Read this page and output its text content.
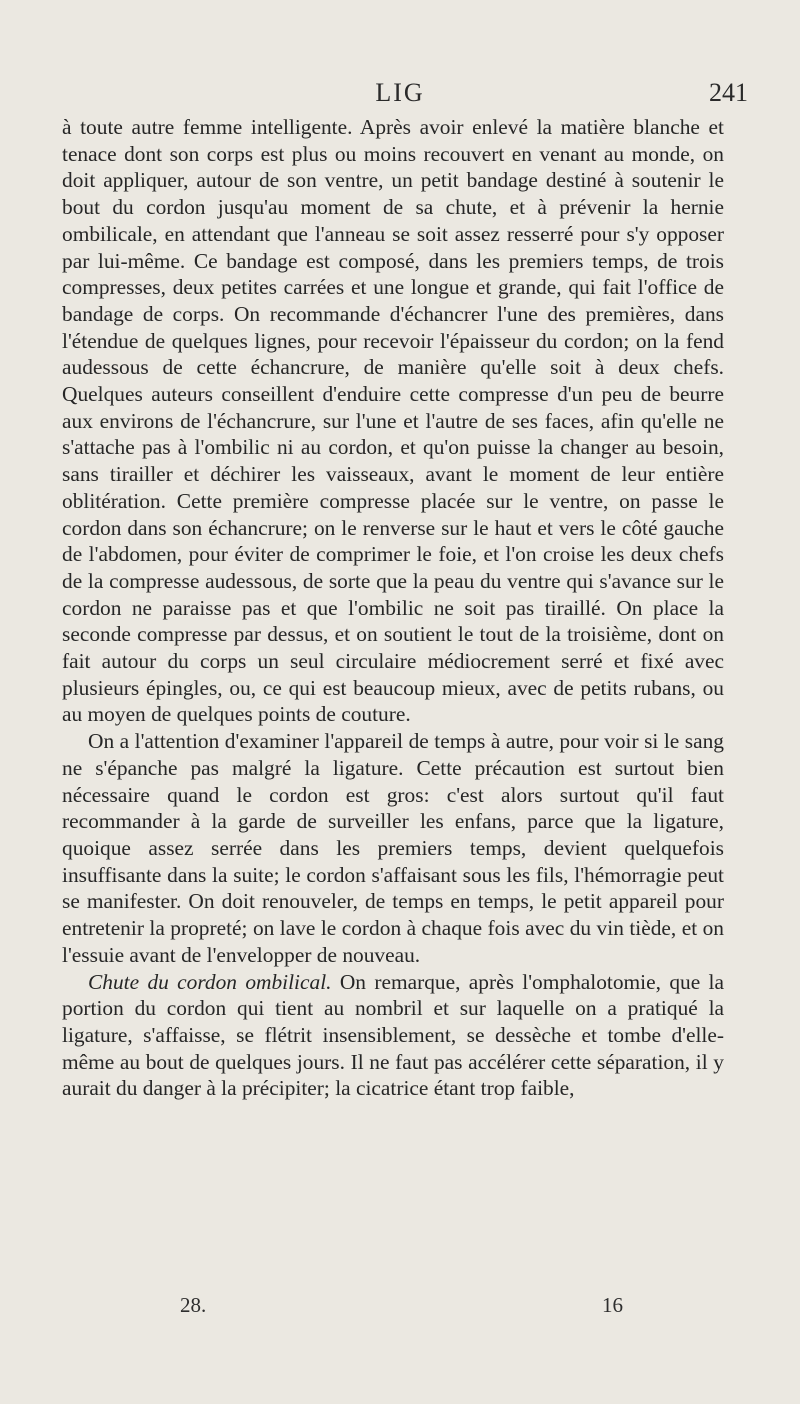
LIG	241

à toute autre femme intelligente. Après avoir enlevé la matière blanche et tenace dont son corps est plus ou moins recouvert en venant au monde, on doit appliquer, autour de son ventre, un petit bandage destiné à soutenir le bout du cordon jusqu'au moment de sa chute, et à prévenir la hernie ombilicale, en attendant que l'anneau se soit assez resserré pour s'y opposer par lui-même. Ce bandage est composé, dans les premiers temps, de trois compresses, deux petites carrées et une longue et grande, qui fait l'office de bandage de corps. On recommande d'échancrer l'une des premières, dans l'étendue de quelques lignes, pour recevoir l'épaisseur du cordon; on la fend audessous de cette échancrure, de manière qu'elle soit à deux chefs. Quelques auteurs conseillent d'enduire cette compresse d'un peu de beurre aux environs de l'échancrure, sur l'une et l'autre de ses faces, afin qu'elle ne s'attache pas à l'ombilic ni au cordon, et qu'on puisse la changer au besoin, sans tirailler et déchirer les vaisseaux, avant le moment de leur entière oblitération. Cette première compresse placée sur le ventre, on passe le cordon dans son échancrure; on le renverse sur le haut et vers le côté gauche de l'abdomen, pour éviter de comprimer le foie, et l'on croise les deux chefs de la compresse audessous, de sorte que la peau du ventre qui s'avance sur le cordon ne paraisse pas et que l'ombilic ne soit pas tiraillé. On place la seconde compresse par dessus, et on soutient le tout de la troisième, dont on fait autour du corps un seul circulaire médiocrement serré et fixé avec plusieurs épingles, ou, ce qui est beaucoup mieux, avec de petits rubans, ou au moyen de quelques points de couture.

On a l'attention d'examiner l'appareil de temps à autre, pour voir si le sang ne s'épanche pas malgré la ligature. Cette précaution est surtout bien nécessaire quand le cordon est gros: c'est alors surtout qu'il faut recommander à la garde de surveiller les enfans, parce que la ligature, quoique assez serrée dans les premiers temps, devient quelquefois insuffisante dans la suite; le cordon s'affaisant sous les fils, l'hémorragie peut se manifester. On doit renouveler, de temps en temps, le petit appareil pour entretenir la propreté; on lave le cordon à chaque fois avec du vin tiède, et on l'essuie avant de l'envelopper de nouveau.

Chute du cordon ombilical. On remarque, après l'omphalotomie, que la portion du cordon qui tient au nombril et sur laquelle on a pratiqué la ligature, s'affaisse, se flétrit insensiblement, se dessèche et tombe d'elle-même au bout de quelques jours. Il ne faut pas accélérer cette séparation, il y aurait du danger à la précipiter; la cicatrice étant trop faible,

28.	16
